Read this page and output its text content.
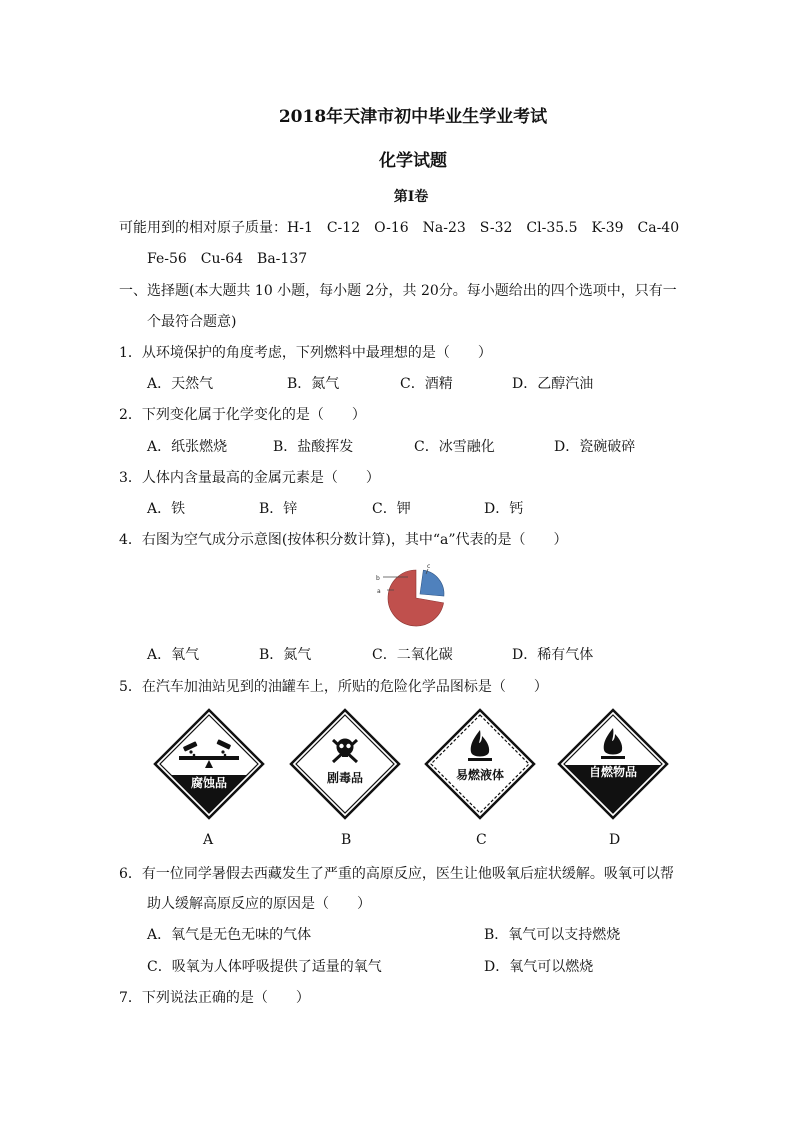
2018年天津市初中毕业生学业考试
化学试题
第Ⅰ卷
可能用到的相对原子质量：H-1　C-12　O-16　Na-23　S-32　Cl-35.5　K-39　Ca-40
Fe-56　Cu-64　Ba-137
一、选择题(本大题共 10 小题，每小题 2分，共 20分。每小题给出的四个选项中，只有一
个最符合题意)
1．从环境保护的角度考虑，下列燃料中最理想的是（　　）
A．天然气	B．氮气	C．酒精	D．乙醇汽油
2．下列变化属于化学变化的是（　　）
A．纸张燃烧	B．盐酸挥发	C．冰雪融化	D．瓷碗破碎
3．人体内含量最高的金属元素是（　　）
A．铁	B．锌	C．钾	D．钙
4．右图为空气成分示意图(按体积分数计算)，其中“a”代表的是（　　）
a
b
c
A．氧气	B．氮气	C．二氧化碳	D．稀有气体
5．在汽车加油站见到的油罐车上，所贴的危险化学品图标是（　　）
腐蚀品	剧毒品	易燃液体	自燃物品
A	B	C	D
6．有一位同学暑假去西藏发生了严重的高原反应，医生让他吸氧后症状缓解。吸氧可以帮
助人缓解高原反应的原因是（　　）
A．氧气是无色无味的气体	B．氧气可以支持燃烧
C．吸氧为人体呼吸提供了适量的氧气	D．氧气可以燃烧
7．下列说法正确的是（　　）
